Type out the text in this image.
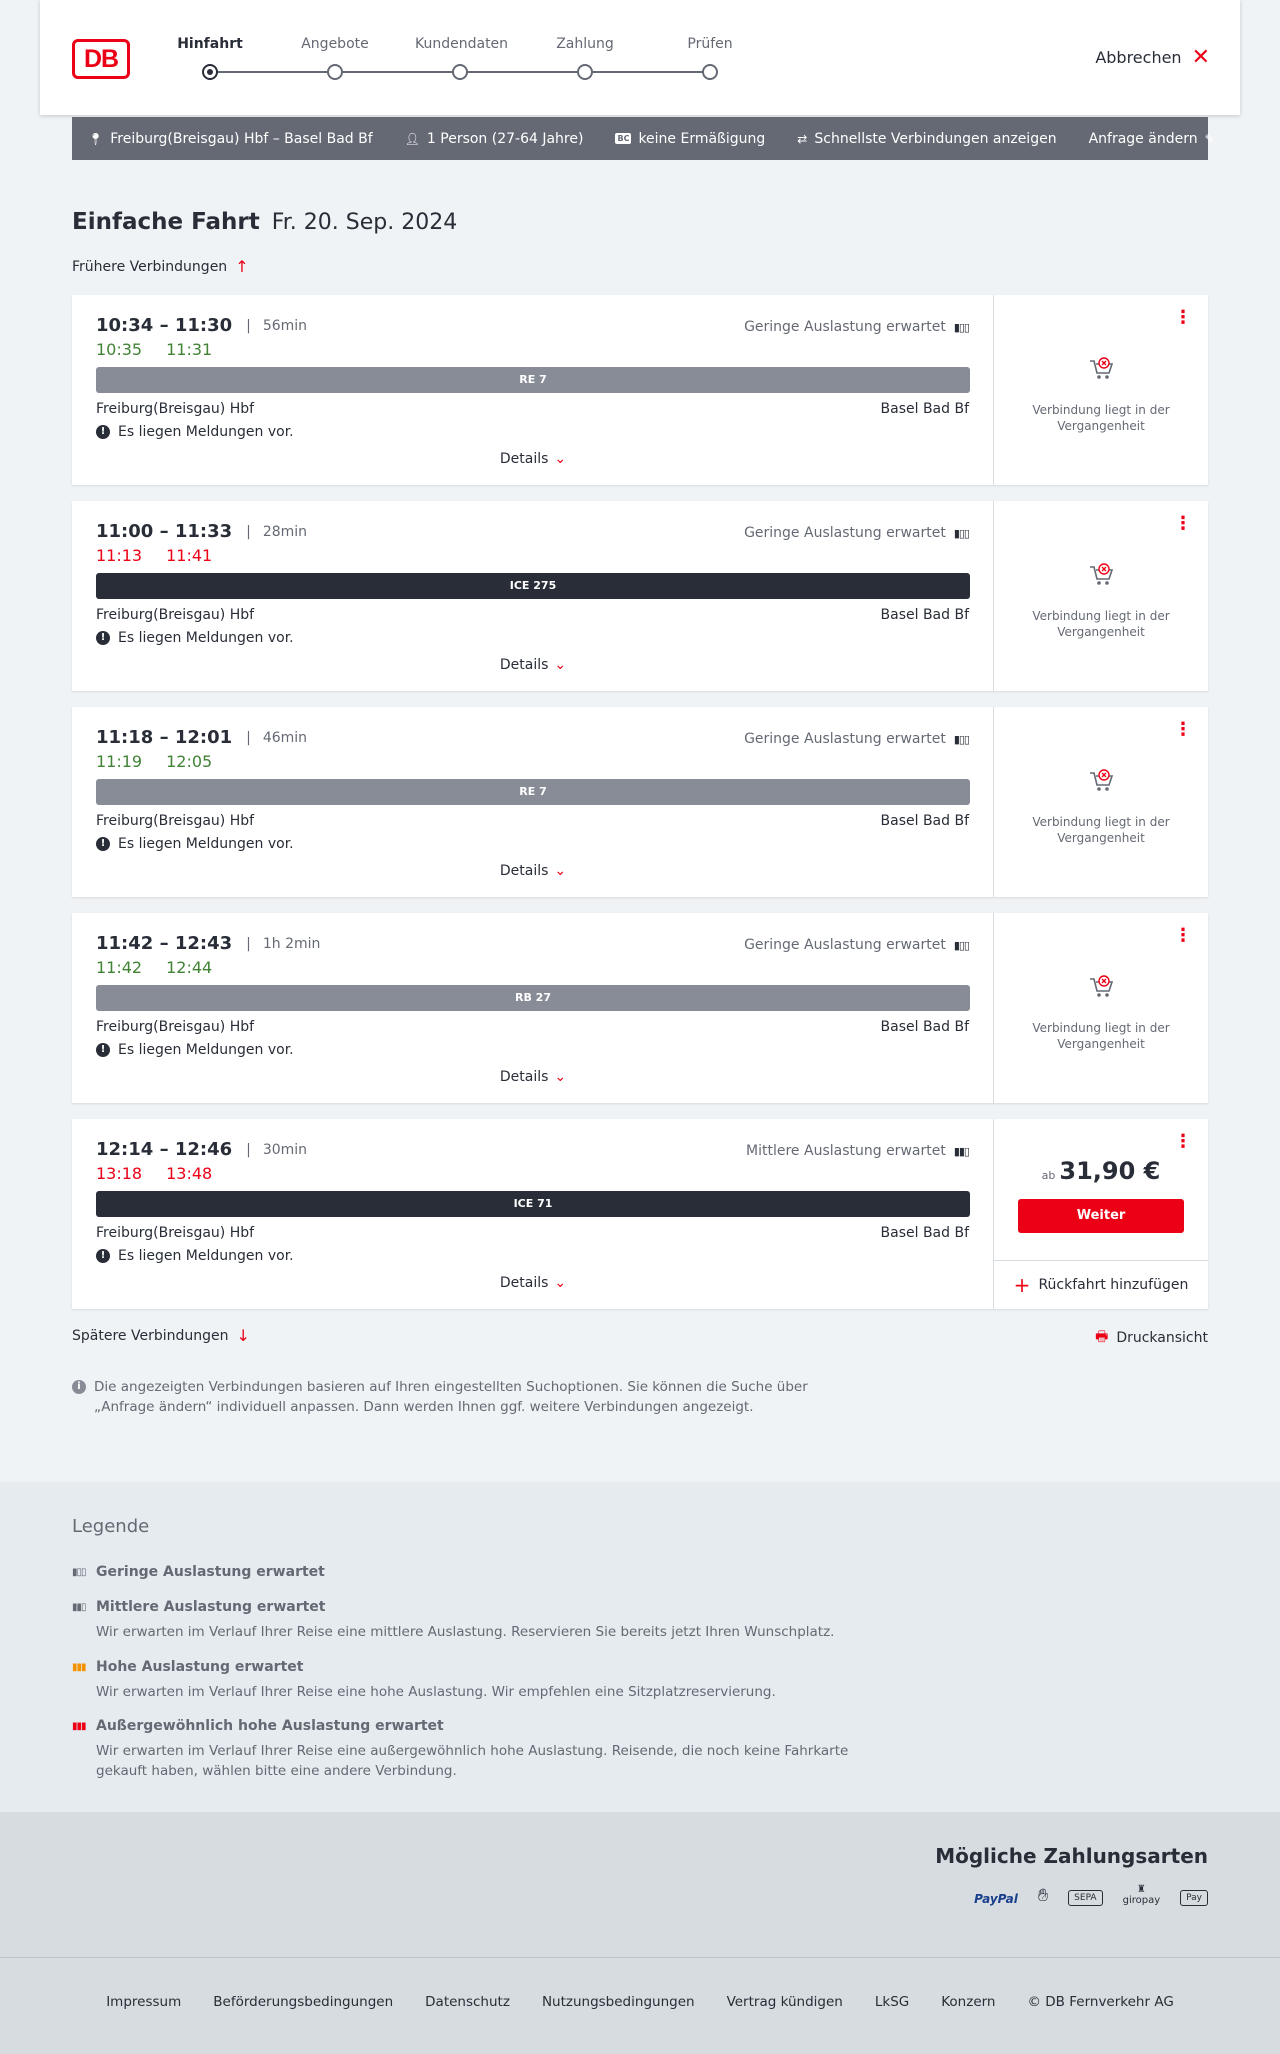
DB
Hinfahrt	Angebote	Kundendaten	Zahlung	Prüfen
Abbrechen ✕
📍︎ Freiburg(Breisgau) Hbf – Basel Bad Bf	👤︎ 1 Person (27-64 Jahre)	BC keine Ermäßigung	⇄ Schnellste Verbindungen anzeigen Anfrage ändern ✎
Einfache Fahrt Fr. 20. Sep. 2024
Frühere Verbindungen ↑
10:34 – 11:30 | 56min
10:35 11:31
Geringe Auslastung erwartet ▮▯▯
RE 7
Freiburg(Breisgau) Hbf	Basel Bad Bf
! Es liegen Meldungen vor.
Details ⌄
⋮
Verbindung liegt in der Vergangenheit
11:00 – 11:33 | 28min
11:13 11:41
Geringe Auslastung erwartet ▮▯▯
ICE 275
Freiburg(Breisgau) Hbf	Basel Bad Bf
! Es liegen Meldungen vor.
Details ⌄
⋮
Verbindung liegt in der Vergangenheit
11:18 – 12:01 | 46min
11:19 12:05
Geringe Auslastung erwartet ▮▯▯
RE 7
Freiburg(Breisgau) Hbf	Basel Bad Bf
! Es liegen Meldungen vor.
Details ⌄
⋮
Verbindung liegt in der Vergangenheit
11:42 – 12:43 | 1h 2min
11:42 12:44
Geringe Auslastung erwartet ▮▯▯
RB 27
Freiburg(Breisgau) Hbf	Basel Bad Bf
! Es liegen Meldungen vor.
Details ⌄
⋮
Verbindung liegt in der Vergangenheit
12:14 – 12:46 | 30min
13:18 13:48
Mittlere Auslastung erwartet ▮▮▯
ICE 71
Freiburg(Breisgau) Hbf	Basel Bad Bf
! Es liegen Meldungen vor.
Details ⌄
⋮
ab 31,90 €
Weiter
+ Rückfahrt hinzufügen
Spätere Verbindungen ↓	🖶 Druckansicht
i Die angezeigten Verbindungen basieren auf Ihren eingestellten Suchoptionen. Sie können die Suche über „Anfrage ändern“ individuell anpassen. Dann werden Ihnen ggf. weitere Verbindungen angezeigt.
Legende
▮▯▯ Geringe Auslastung erwartet
▮▮▯ Mittlere Auslastung erwartet
Wir erwarten im Verlauf Ihrer Reise eine mittlere Auslastung. Reservieren Sie bereits jetzt Ihren Wunschplatz.
▮▮▮ Hohe Auslastung erwartet
Wir erwarten im Verlauf Ihrer Reise eine hohe Auslastung. Wir empfehlen eine Sitzplatzreservierung.
▮▮▮ Außergewöhnlich hohe Auslastung erwartet
Wir erwarten im Verlauf Ihrer Reise eine außergewöhnlich hohe Auslastung. Reisende, die noch keine Fahrkarte gekauft haben, wählen bitte eine andere Verbindung.
Mögliche Zahlungsarten
PayPal ✋︎	SEPA
♜
giropay	Pay
Impressum Beförderungsbedingungen Datenschutz Nutzungsbedingungen Vertrag kündigen LkSG Konzern © DB Fernverkehr AG
